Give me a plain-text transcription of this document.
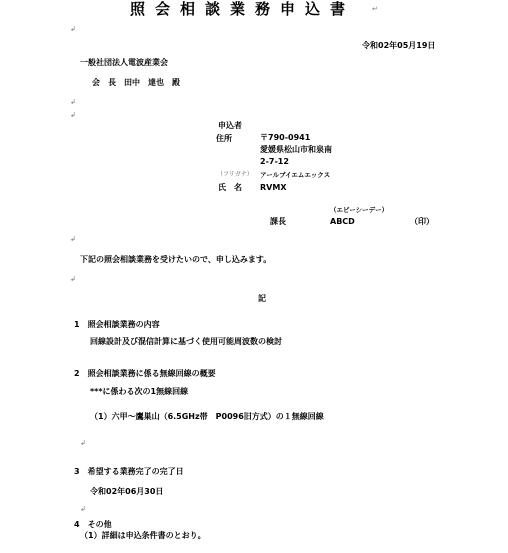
照会相談業務申込書 ↵
↲
令和02年05月19日
一般社団法人電波産業会
会　長　田中　達也　殿
↲
↲
申込者
住所	〒790-0941
愛媛県松山市和泉南
2-7-12
（フリガナ） アールブイエムエックス
氏　名 RVMX
（エビーシーデー）
課長	ABCD	（印）
↲
下記の照会相談業務を受けたいので、申し込みます。
↲
記
1　照会相談業務の内容
回線設計及び混信計算に基づく使用可能周波数の検討
2　照会相談業務に係る無線回線の概要
***に係わる次の1無線回線
（1）六甲～鷹巣山（6.5GHz帯　P0096旧方式）の１無線回線
↲
3　希望する業務完了の完了日
令和02年06月30日
↲
4　その他
（1）詳細は申込条件書のとおり。
